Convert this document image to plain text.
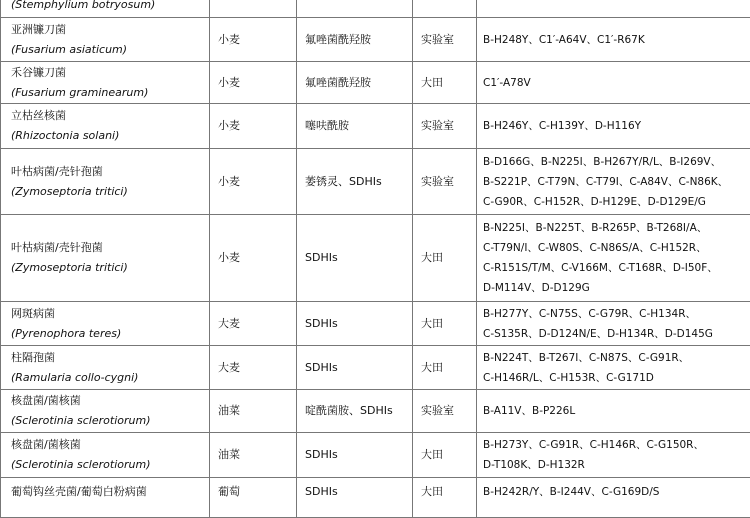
(Stemphylium botryosum)				

亚洲镰刀菌
(Fusarium asiaticum)	小麦	氟唑菌酰羟胺	实验室	B-H248Y、C1′-A64V、C1′-R67K

禾谷镰刀菌
(Fusarium graminearum)	小麦	氟唑菌酰羟胺	大田	C1′-A78V

立枯丝核菌
(Rhizoctonia solani)	小麦	噻呋酰胺	实验室	B-H246Y、C-H139Y、D-H116Y

叶枯病菌/壳针孢菌
(Zymoseptoria tritici)	小麦	萎锈灵、SDHIs	实验室	B-D166G、B-N225I、B-H267Y/R/L、B-I269V、
B-S221P、C-T79N、C-T79I、C-A84V、C-N86K、
C-G90R、C-H152R、D-H129E、D-D129E/G

叶枯病菌/壳针孢菌
(Zymoseptoria tritici)	小麦	SDHIs	大田	B-N225I、B-N225T、B-R265P、B-T268I/A、
C-T79N/I、C-W80S、C-N86S/A、C-H152R、
C-R151S/T/M、C-V166M、C-T168R、D-I50F、
D-M114V、D-D129G

网斑病菌
(Pyrenophora teres)	大麦	SDHIs	大田	B-H277Y、C-N75S、C-G79R、C-H134R、
C-S135R、D-D124N/E、D-H134R、D-D145G

柱隔孢菌
(Ramularia collo-cygni)	大麦	SDHIs	大田	B-N224T、B-T267I、C-N87S、C-G91R、
C-H146R/L、C-H153R、C-G171D

核盘菌/菌核菌
(Sclerotinia sclerotiorum)	油菜	啶酰菌胺、SDHIs	实验室	B-A11V、B-P226L

核盘菌/菌核菌
(Sclerotinia sclerotiorum)	油菜	SDHIs	大田	B-H273Y、C-G91R、C-H146R、C-G150R、
D-T108K、D-H132R

葡萄钩丝壳菌/葡萄白粉病菌	葡萄	SDHIs	大田	B-H242R/Y、B-I244V、C-G169D/S
